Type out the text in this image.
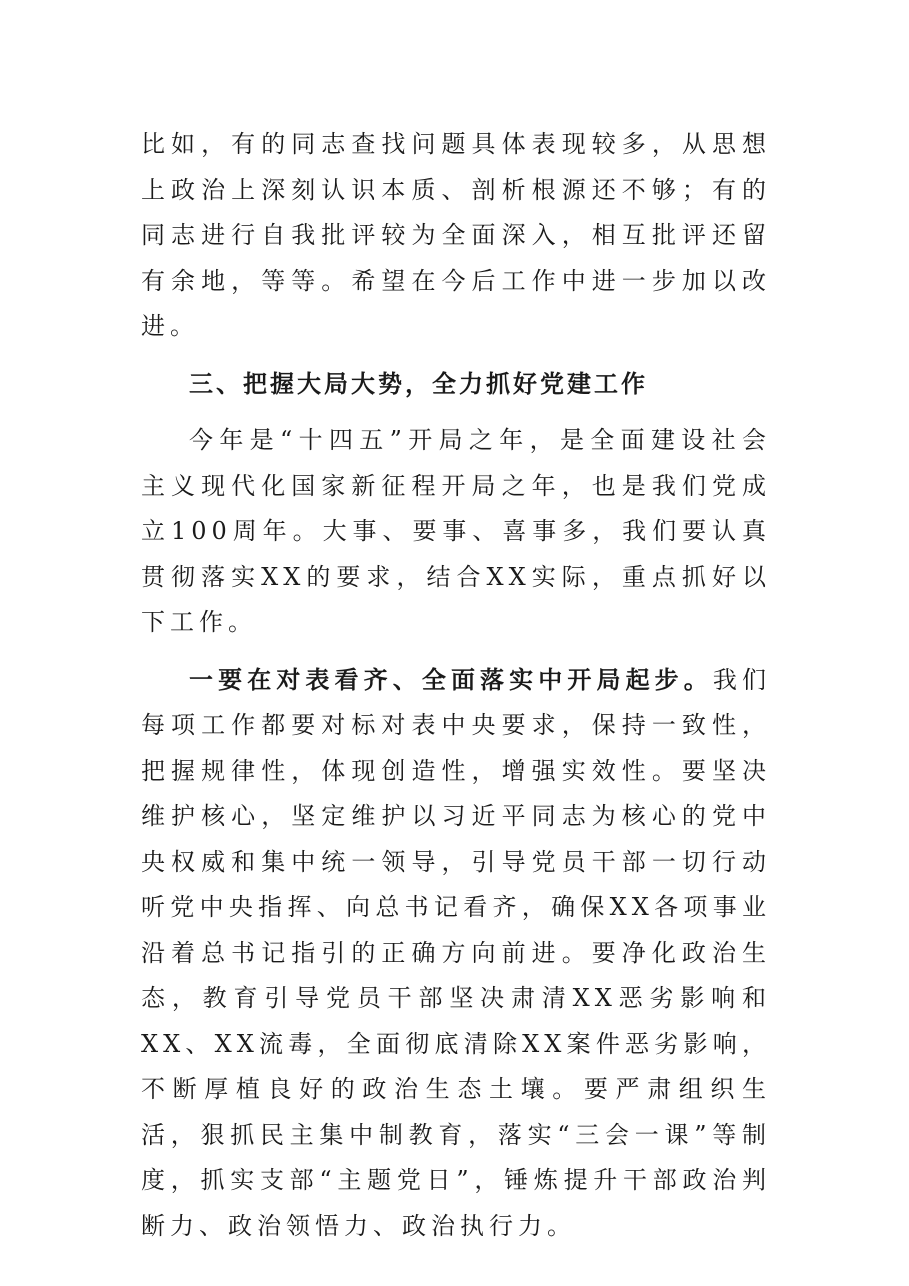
比如，有的同志查找问题具体表现较多，从思想上政治上深刻认识本质、剖析根源还不够；有的同志进行自我批评较为全面深入，相互批评还留有余地，等等。希望在今后工作中进一步加以改进。

三、把握大局大势，全力抓好党建工作

今年是“十四五”开局之年，是全面建设社会主义现代化国家新征程开局之年，也是我们党成立100周年。大事、要事、喜事多，我们要认真贯彻落实XX的要求，结合XX实际，重点抓好以下工作。

一要在对表看齐、全面落实中开局起步。我们每项工作都要对标对表中央要求，保持一致性，把握规律性，体现创造性，增强实效性。要坚决维护核心，坚定维护以习近平同志为核心的党中央权威和集中统一领导，引导党员干部一切行动听党中央指挥、向总书记看齐，确保XX各项事业沿着总书记指引的正确方向前进。要净化政治生态，教育引导党员干部坚决肃清XX恶劣影响和XX、XX流毒，全面彻底清除XX案件恶劣影响，不断厚植良好的政治生态土壤。要严肃组织生活，狠抓民主集中制教育，落实“三会一课”等制度，抓实支部“主题党日”，锤炼提升干部政治判断力、政治领悟力、政治执行力。
